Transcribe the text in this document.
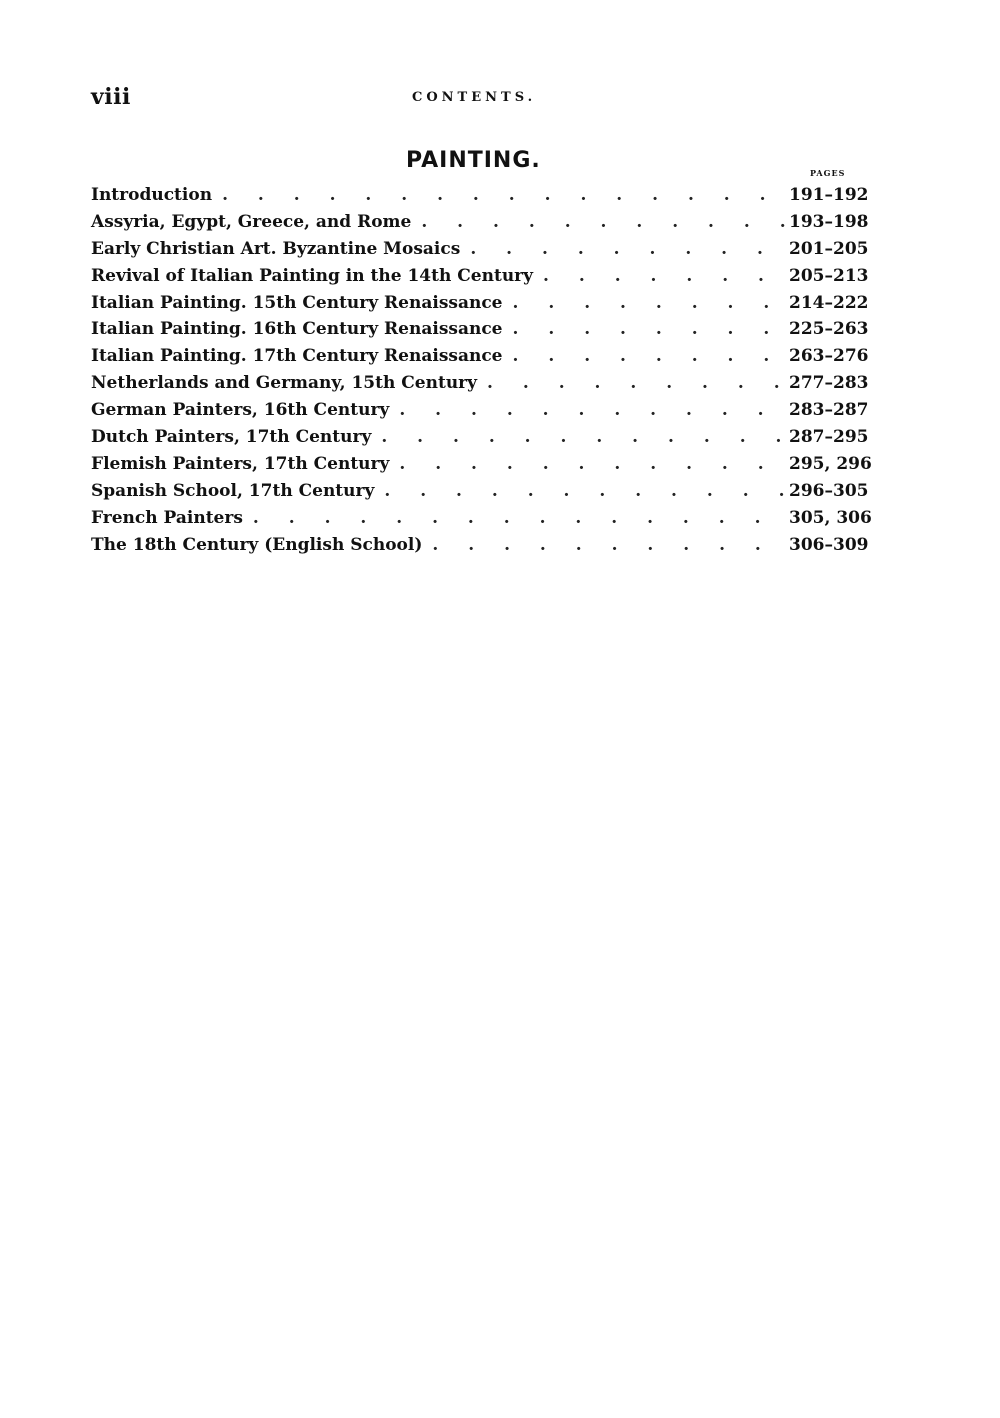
viii	CONTENTS.
PAINTING.	PAGES
Introduction . . .	191–192
Assyria, Egypt, Greece, and Rome . . .	193–198
Early Christian Art. Byzantine Mosaics . . .	201–205
Revival of Italian Painting in the 14th Century . . .	205–213
Italian Painting. 15th Century Renaissance . . .	214–222
Italian Painting. 16th Century Renaissance . . .	225–263
Italian Painting. 17th Century Renaissance . . .	263–276
Netherlands and Germany, 15th Century . . .	277–283
German Painters, 16th Century . . .	283–287
Dutch Painters, 17th Century . . .	287–295
Flemish Painters, 17th Century . . .	295, 296
Spanish School, 17th Century . . .	296–305
French Painters . . .	305, 306
The 18th Century (English School) . . .	306–309
